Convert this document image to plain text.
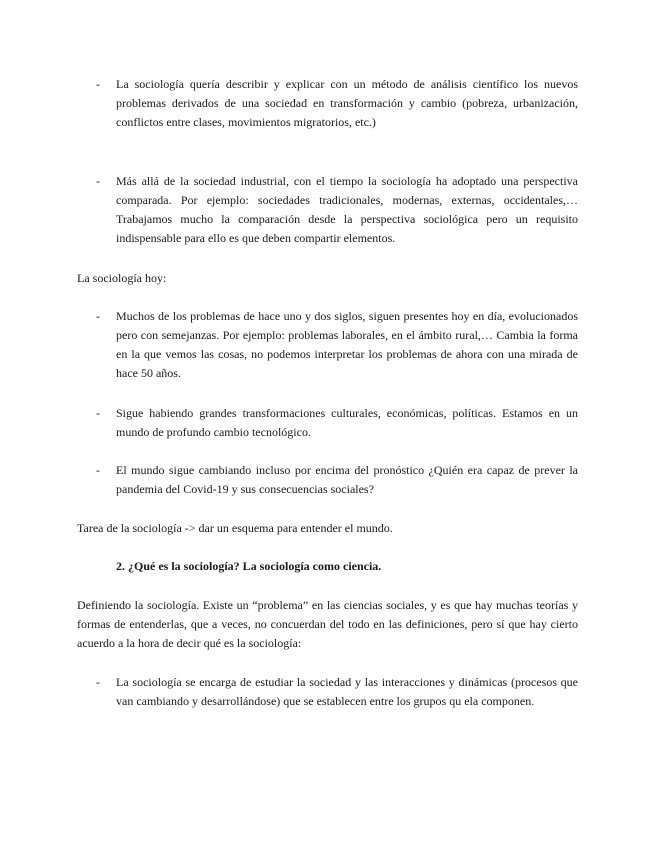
- La sociología quería describir y explicar con un método de análisis científico los nuevos problemas derivados de una sociedad en transformación y cambio (pobreza, urbanización, conflictos entre clases, movimientos migratorios, etc.)

- Más allá de la sociedad industrial, con el tiempo la sociología ha adoptado una perspectiva comparada. Por ejemplo: sociedades tradicionales, modernas, externas, occidentales,… Trabajamos mucho la comparación desde la perspectiva sociológica pero un requisito indispensable para ello es que deben compartir elementos.

La sociología hoy:

- Muchos de los problemas de hace uno y dos siglos, siguen presentes hoy en día, evolucionados pero con semejanzas. Por ejemplo: problemas laborales, en el ámbito rural,… Cambia la forma en la que vemos las cosas, no podemos interpretar los problemas de ahora con una mirada de hace 50 años.

- Sigue habiendo grandes transformaciones culturales, económicas, políticas. Estamos en un mundo de profundo cambio tecnológico.

- El mundo sigue cambiando incluso por encima del pronóstico ¿Quién era capaz de prever la pandemia del Covid-19 y sus consecuencias sociales?

Tarea de la sociología -> dar un esquema para entender el mundo.

2. ¿Qué es la sociología? La sociología como ciencia.

Definiendo la sociología. Existe un “problema” en las ciencias sociales, y es que hay muchas teorías y formas de entenderlas, que a veces, no concuerdan del todo en las definiciones, pero sí que hay cierto acuerdo a la hora de decir qué es la sociología:

- La sociología se encarga de estudiar la sociedad y las interacciones y dinámicas (procesos que van cambiando y desarrollándose) que se establecen entre los grupos qu ela componen.
